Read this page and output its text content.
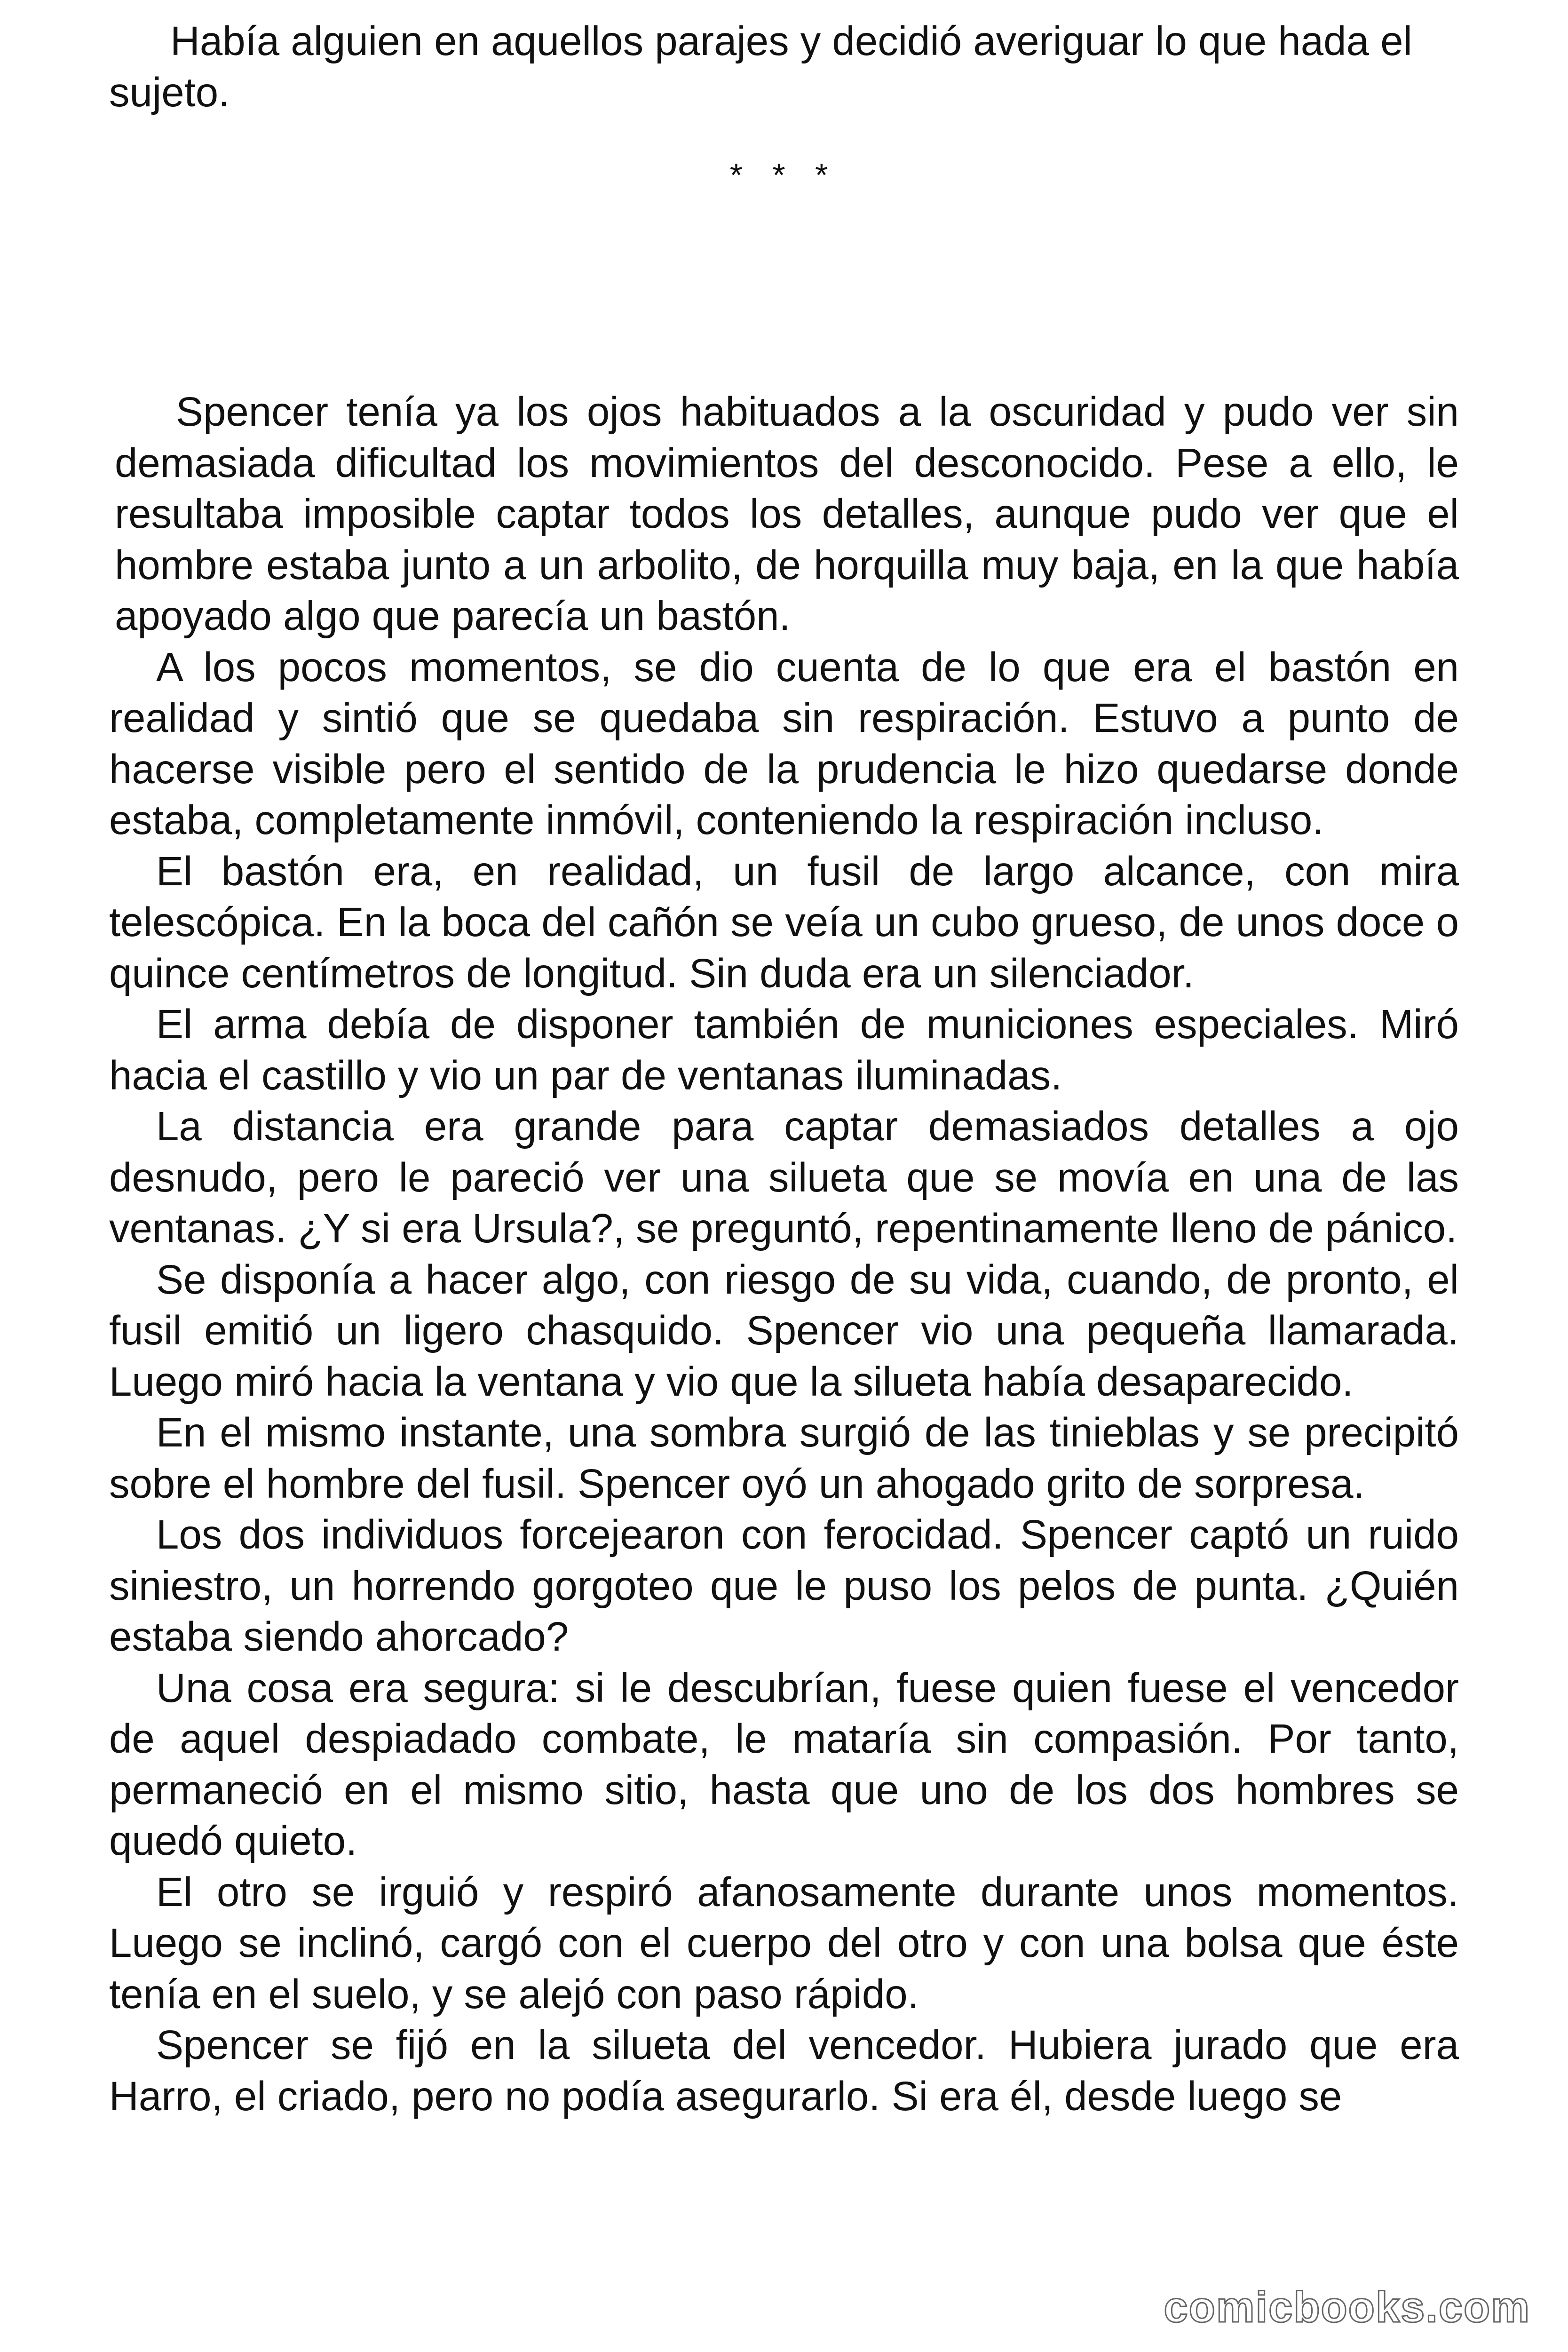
Había alguien en aquellos parajes y decidió averiguar lo que hada el sujeto.

* * *

Spencer tenía ya los ojos habituados a la oscuridad y pudo ver sin demasiada dificultad los movimientos del desconocido. Pese a ello, le resultaba imposible captar todos los detalles, aunque pudo ver que el hombre estaba junto a un arbolito, de horquilla muy baja, en la que había apoyado algo que parecía un bastón.

A los pocos momentos, se dio cuenta de lo que era el bastón en realidad y sintió que se quedaba sin respiración. Estuvo a punto de hacerse visible pero el sentido de la prudencia le hizo quedarse donde estaba, completamente inmóvil, conteniendo la respiración incluso.

El bastón era, en realidad, un fusil de largo alcance, con mira telescópica. En la boca del cañón se veía un cubo grueso, de unos doce o quince centímetros de longitud. Sin duda era un silenciador.

El arma debía de disponer también de municiones especiales. Miró hacia el castillo y vio un par de ventanas iluminadas.

La distancia era grande para captar demasiados detalles a ojo desnudo, pero le pareció ver una silueta que se movía en una de las ventanas. ¿Y si era Ursula?, se preguntó, repentinamente lleno de pánico.

Se disponía a hacer algo, con riesgo de su vida, cuando, de pronto, el fusil emitió un ligero chasquido. Spencer vio una pequeña llamarada. Luego miró hacia la ventana y vio que la silueta había desaparecido.

En el mismo instante, una sombra surgió de las tinieblas y se precipitó sobre el hombre del fusil. Spencer oyó un ahogado grito de sorpresa.

Los dos individuos forcejearon con ferocidad. Spencer captó un ruido siniestro, un horrendo gorgoteo que le puso los pelos de punta. ¿Quién estaba siendo ahorcado?

Una cosa era segura: si le descubrían, fuese quien fuese el vencedor de aquel despiadado combate, le mataría sin compasión. Por tanto, permaneció en el mismo sitio, hasta que uno de los dos hombres se quedó quieto.

El otro se irguió y respiró afanosamente durante unos momentos. Luego se inclinó, cargó con el cuerpo del otro y con una bolsa que éste tenía en el suelo, y se alejó con paso rápido.

Spencer se fijó en la silueta del vencedor. Hubiera jurado que era Harro, el criado, pero no podía asegurarlo. Si era él, desde luego se

comicbooks.com
